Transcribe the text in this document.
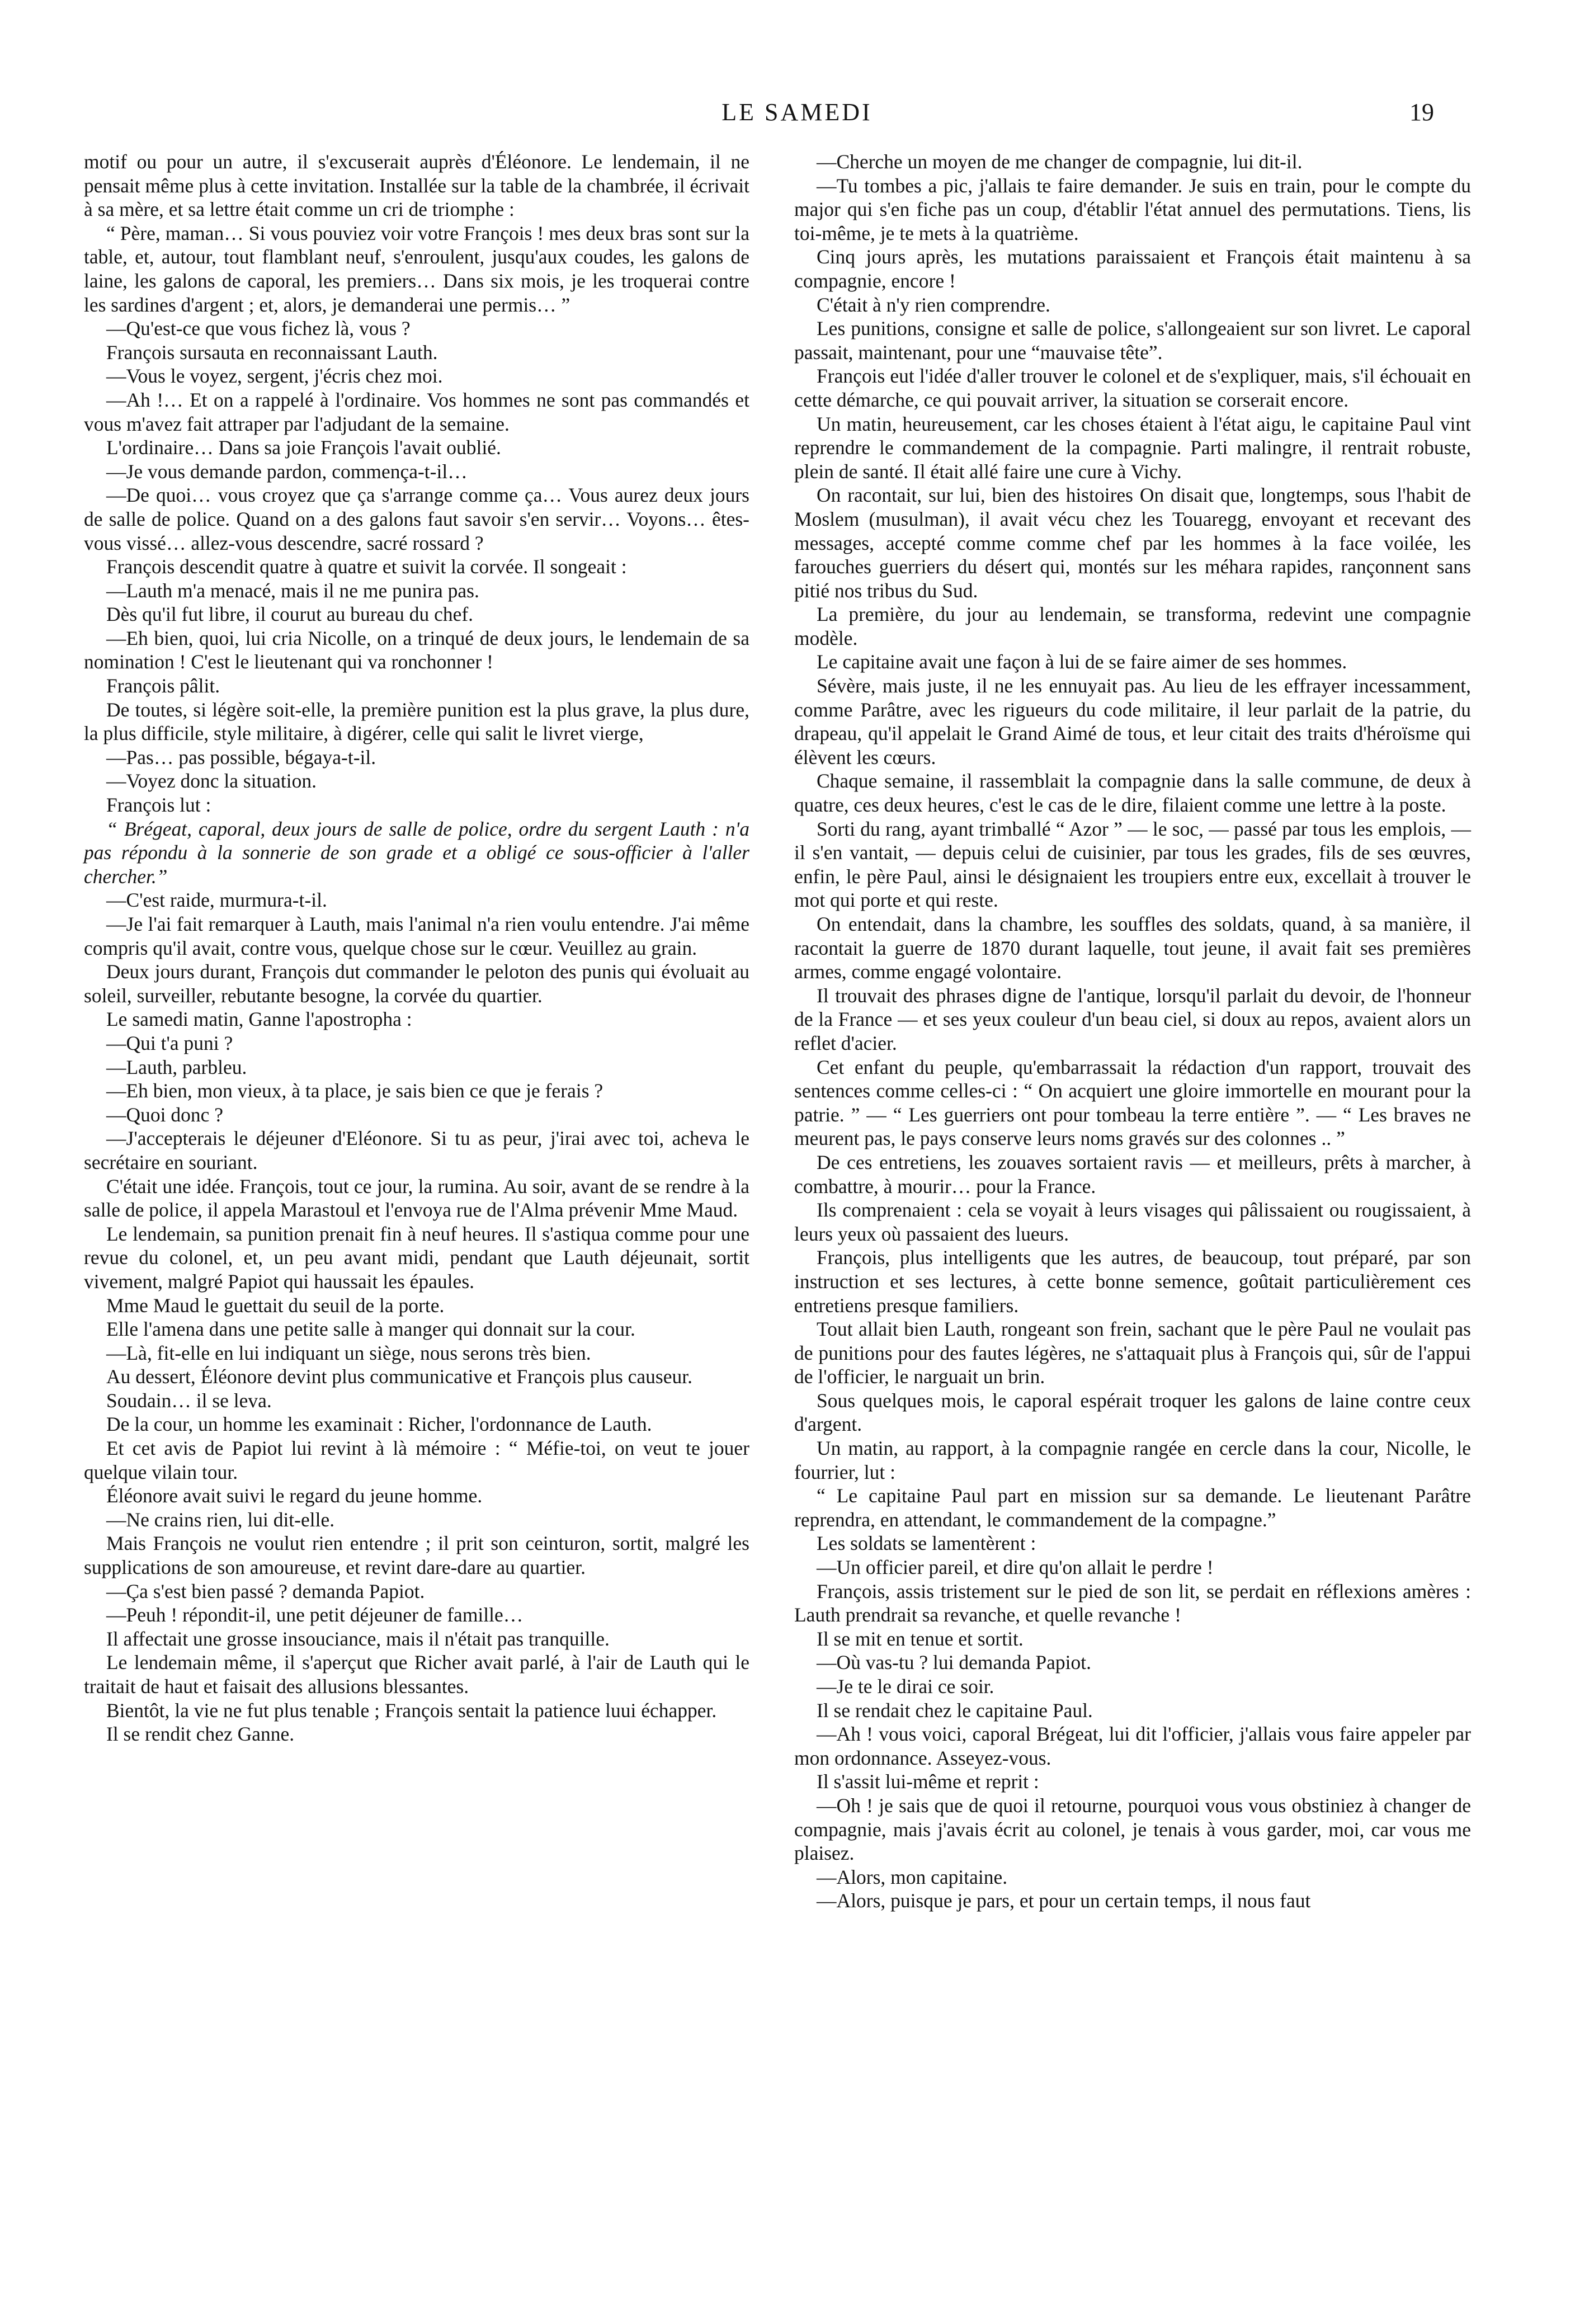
LE SAMEDI	19

motif ou pour un autre, il s'excuserait auprès d'Éléonore. Le lendemain, il ne pensait même plus à cette invitation. Installée sur la table de la chambrée, il écrivait à sa mère, et sa lettre était comme un cri de triomphe :

“ Père, maman… Si vous pouviez voir votre François ! mes deux bras sont sur la table, et, autour, tout flamblant neuf, s'enroulent, jusqu'aux coudes, les galons de laine, les galons de caporal, les premiers… Dans six mois, je les troquerai contre les sardines d'argent ; et, alors, je demanderai une permis… ”

—Qu'est-ce que vous fichez là, vous ?

François sursauta en reconnaissant Lauth.

—Vous le voyez, sergent, j'écris chez moi.

—Ah !… Et on a rappelé à l'ordinaire. Vos hommes ne sont pas commandés et vous m'avez fait attraper par l'adjudant de la semaine.

L'ordinaire… Dans sa joie François l'avait oublié.

—Je vous demande pardon, commença-t-il…

—De quoi… vous croyez que ça s'arrange comme ça… Vous aurez deux jours de salle de police. Quand on a des galons faut savoir s'en servir… Voyons… êtes-vous vissé… allez-vous descendre, sacré rossard ?

François descendit quatre à quatre et suivit la corvée. Il songeait :

—Lauth m'a menacé, mais il ne me punira pas.

Dès qu'il fut libre, il courut au bureau du chef.

—Eh bien, quoi, lui cria Nicolle, on a trinqué de deux jours, le lendemain de sa nomination ! C'est le lieutenant qui va ronchonner !

François pâlit.

De toutes, si légère soit-elle, la première punition est la plus grave, la plus dure, la plus difficile, style militaire, à digérer, celle qui salit le livret vierge,

—Pas… pas possible, bégaya-t-il.

—Voyez donc la situation.

François lut :

“ Brégeat, caporal, deux jours de salle de police, ordre du sergent Lauth : n'a pas répondu à la sonnerie de son grade et a obligé ce sous-officier à l'aller chercher.”

—C'est raide, murmura-t-il.

—Je l'ai fait remarquer à Lauth, mais l'animal n'a rien voulu entendre. J'ai même compris qu'il avait, contre vous, quelque chose sur le cœur. Veuillez au grain.

Deux jours durant, François dut commander le peloton des punis qui évoluait au soleil, surveiller, rebutante besogne, la corvée du quartier.

Le samedi matin, Ganne l'apostropha :

—Qui t'a puni ?

—Lauth, parbleu.

—Eh bien, mon vieux, à ta place, je sais bien ce que je ferais ?

—Quoi donc ?

—J'accepterais le déjeuner d'Eléonore. Si tu as peur, j'irai avec toi, acheva le secrétaire en souriant.

C'était une idée. François, tout ce jour, la rumina. Au soir, avant de se rendre à la salle de police, il appela Marastoul et l'envoya rue de l'Alma prévenir Mme Maud.

Le lendemain, sa punition prenait fin à neuf heures. Il s'astiqua comme pour une revue du colonel, et, un peu avant midi, pendant que Lauth déjeunait, sortit vivement, malgré Papiot qui haussait les épaules.

Mme Maud le guettait du seuil de la porte.

Elle l'amena dans une petite salle à manger qui donnait sur la cour.

—Là, fit-elle en lui indiquant un siège, nous serons très bien.

Au dessert, Éléonore devint plus communicative et François plus causeur.

Soudain… il se leva.

De la cour, un homme les examinait : Richer, l'ordonnance de Lauth.

Et cet avis de Papiot lui revint à là mémoire : “ Méfie-toi, on veut te jouer quelque vilain tour.

Éléonore avait suivi le regard du jeune homme.

—Ne crains rien, lui dit-elle.

Mais François ne voulut rien entendre ; il prit son ceinturon, sortit, malgré les supplications de son amoureuse, et revint dare-dare au quartier.

—Ça s'est bien passé ? demanda Papiot.

—Peuh ! répondit-il, une petit déjeuner de famille…

Il affectait une grosse insouciance, mais il n'était pas tranquille.

Le lendemain même, il s'aperçut que Richer avait parlé, à l'air de Lauth qui le traitait de haut et faisait des allusions blessantes.

Bientôt, la vie ne fut plus tenable ; François sentait la patience luui échapper.

Il se rendit chez Ganne.

—Cherche un moyen de me changer de compagnie, lui dit-il.

—Tu tombes a pic, j'allais te faire demander. Je suis en train, pour le compte du major qui s'en fiche pas un coup, d'établir l'état annuel des permutations. Tiens, lis toi-même, je te mets à la quatrième.

Cinq jours après, les mutations paraissaient et François était maintenu à sa compagnie, encore !

C'était à n'y rien comprendre.

Les punitions, consigne et salle de police, s'allongeaient sur son livret. Le caporal passait, maintenant, pour une “mauvaise tête”.

François eut l'idée d'aller trouver le colonel et de s'expliquer, mais, s'il échouait en cette démarche, ce qui pouvait arriver, la situation se corserait encore.

Un matin, heureusement, car les choses étaient à l'état aigu, le capitaine Paul vint reprendre le commandement de la compagnie. Parti malingre, il rentrait robuste, plein de santé. Il était allé faire une cure à Vichy.

On racontait, sur lui, bien des histoires On disait que, longtemps, sous l'habit de Moslem (musulman), il avait vécu chez les Touaregg, envoyant et recevant des messages, accepté comme comme chef par les hommes à la face voilée, les farouches guerriers du désert qui, montés sur les méhara rapides, rançonnent sans pitié nos tribus du Sud.

La première, du jour au lendemain, se transforma, redevint une compagnie modèle.

Le capitaine avait une façon à lui de se faire aimer de ses hommes.

Sévère, mais juste, il ne les ennuyait pas. Au lieu de les effrayer incessamment, comme Parâtre, avec les rigueurs du code militaire, il leur parlait de la patrie, du drapeau, qu'il appelait le Grand Aimé de tous, et leur citait des traits d'héroïsme qui élèvent les cœurs.

Chaque semaine, il rassemblait la compagnie dans la salle commune, de deux à quatre, ces deux heures, c'est le cas de le dire, filaient comme une lettre à la poste.

Sorti du rang, ayant trimballé “ Azor ” — le soc, — passé par tous les emplois, — il s'en vantait, — depuis celui de cuisinier, par tous les grades, fils de ses œuvres, enfin, le père Paul, ainsi le désignaient les troupiers entre eux, excellait à trouver le mot qui porte et qui reste.

On entendait, dans la chambre, les souffles des soldats, quand, à sa manière, il racontait la guerre de 1870 durant laquelle, tout jeune, il avait fait ses premières armes, comme engagé volontaire.

Il trouvait des phrases digne de l'antique, lorsqu'il parlait du devoir, de l'honneur de la France — et ses yeux couleur d'un beau ciel, si doux au repos, avaient alors un reflet d'acier.

Cet enfant du peuple, qu'embarrassait la rédaction d'un rapport, trouvait des sentences comme celles-ci : “ On acquiert une gloire immortelle en mourant pour la patrie. ” — “ Les guerriers ont pour tombeau la terre entière ”. — “ Les braves ne meurent pas, le pays conserve leurs noms gravés sur des colonnes .. ”

De ces entretiens, les zouaves sortaient ravis — et meilleurs, prêts à marcher, à combattre, à mourir… pour la France.

Ils comprenaient : cela se voyait à leurs visages qui pâlissaient ou rougissaient, à leurs yeux où passaient des lueurs.

François, plus intelligents que les autres, de beaucoup, tout préparé, par son instruction et ses lectures, à cette bonne semence, goûtait particulièrement ces entretiens presque familiers.

Tout allait bien Lauth, rongeant son frein, sachant que le père Paul ne voulait pas de punitions pour des fautes légères, ne s'attaquait plus à François qui, sûr de l'appui de l'officier, le narguait un brin.

Sous quelques mois, le caporal espérait troquer les galons de laine contre ceux d'argent.

Un matin, au rapport, à la compagnie rangée en cercle dans la cour, Nicolle, le fourrier, lut :

“ Le capitaine Paul part en mission sur sa demande. Le lieutenant Parâtre reprendra, en attendant, le commandement de la compagne.”

Les soldats se lamentèrent :

—Un officier pareil, et dire qu'on allait le perdre !

François, assis tristement sur le pied de son lit, se perdait en réflexions amères : Lauth prendrait sa revanche, et quelle revanche !

Il se mit en tenue et sortit.

—Où vas-tu ? lui demanda Papiot.

—Je te le dirai ce soir.

Il se rendait chez le capitaine Paul.

—Ah ! vous voici, caporal Brégeat, lui dit l'officier, j'allais vous faire appeler par mon ordonnance. Asseyez-vous.

Il s'assit lui-même et reprit :

—Oh ! je sais que de quoi il retourne, pourquoi vous vous obstiniez à changer de compagnie, mais j'avais écrit au colonel, je tenais à vous garder, moi, car vous me plaisez.

—Alors, mon capitaine.

—Alors, puisque je pars, et pour un certain temps, il nous faut
